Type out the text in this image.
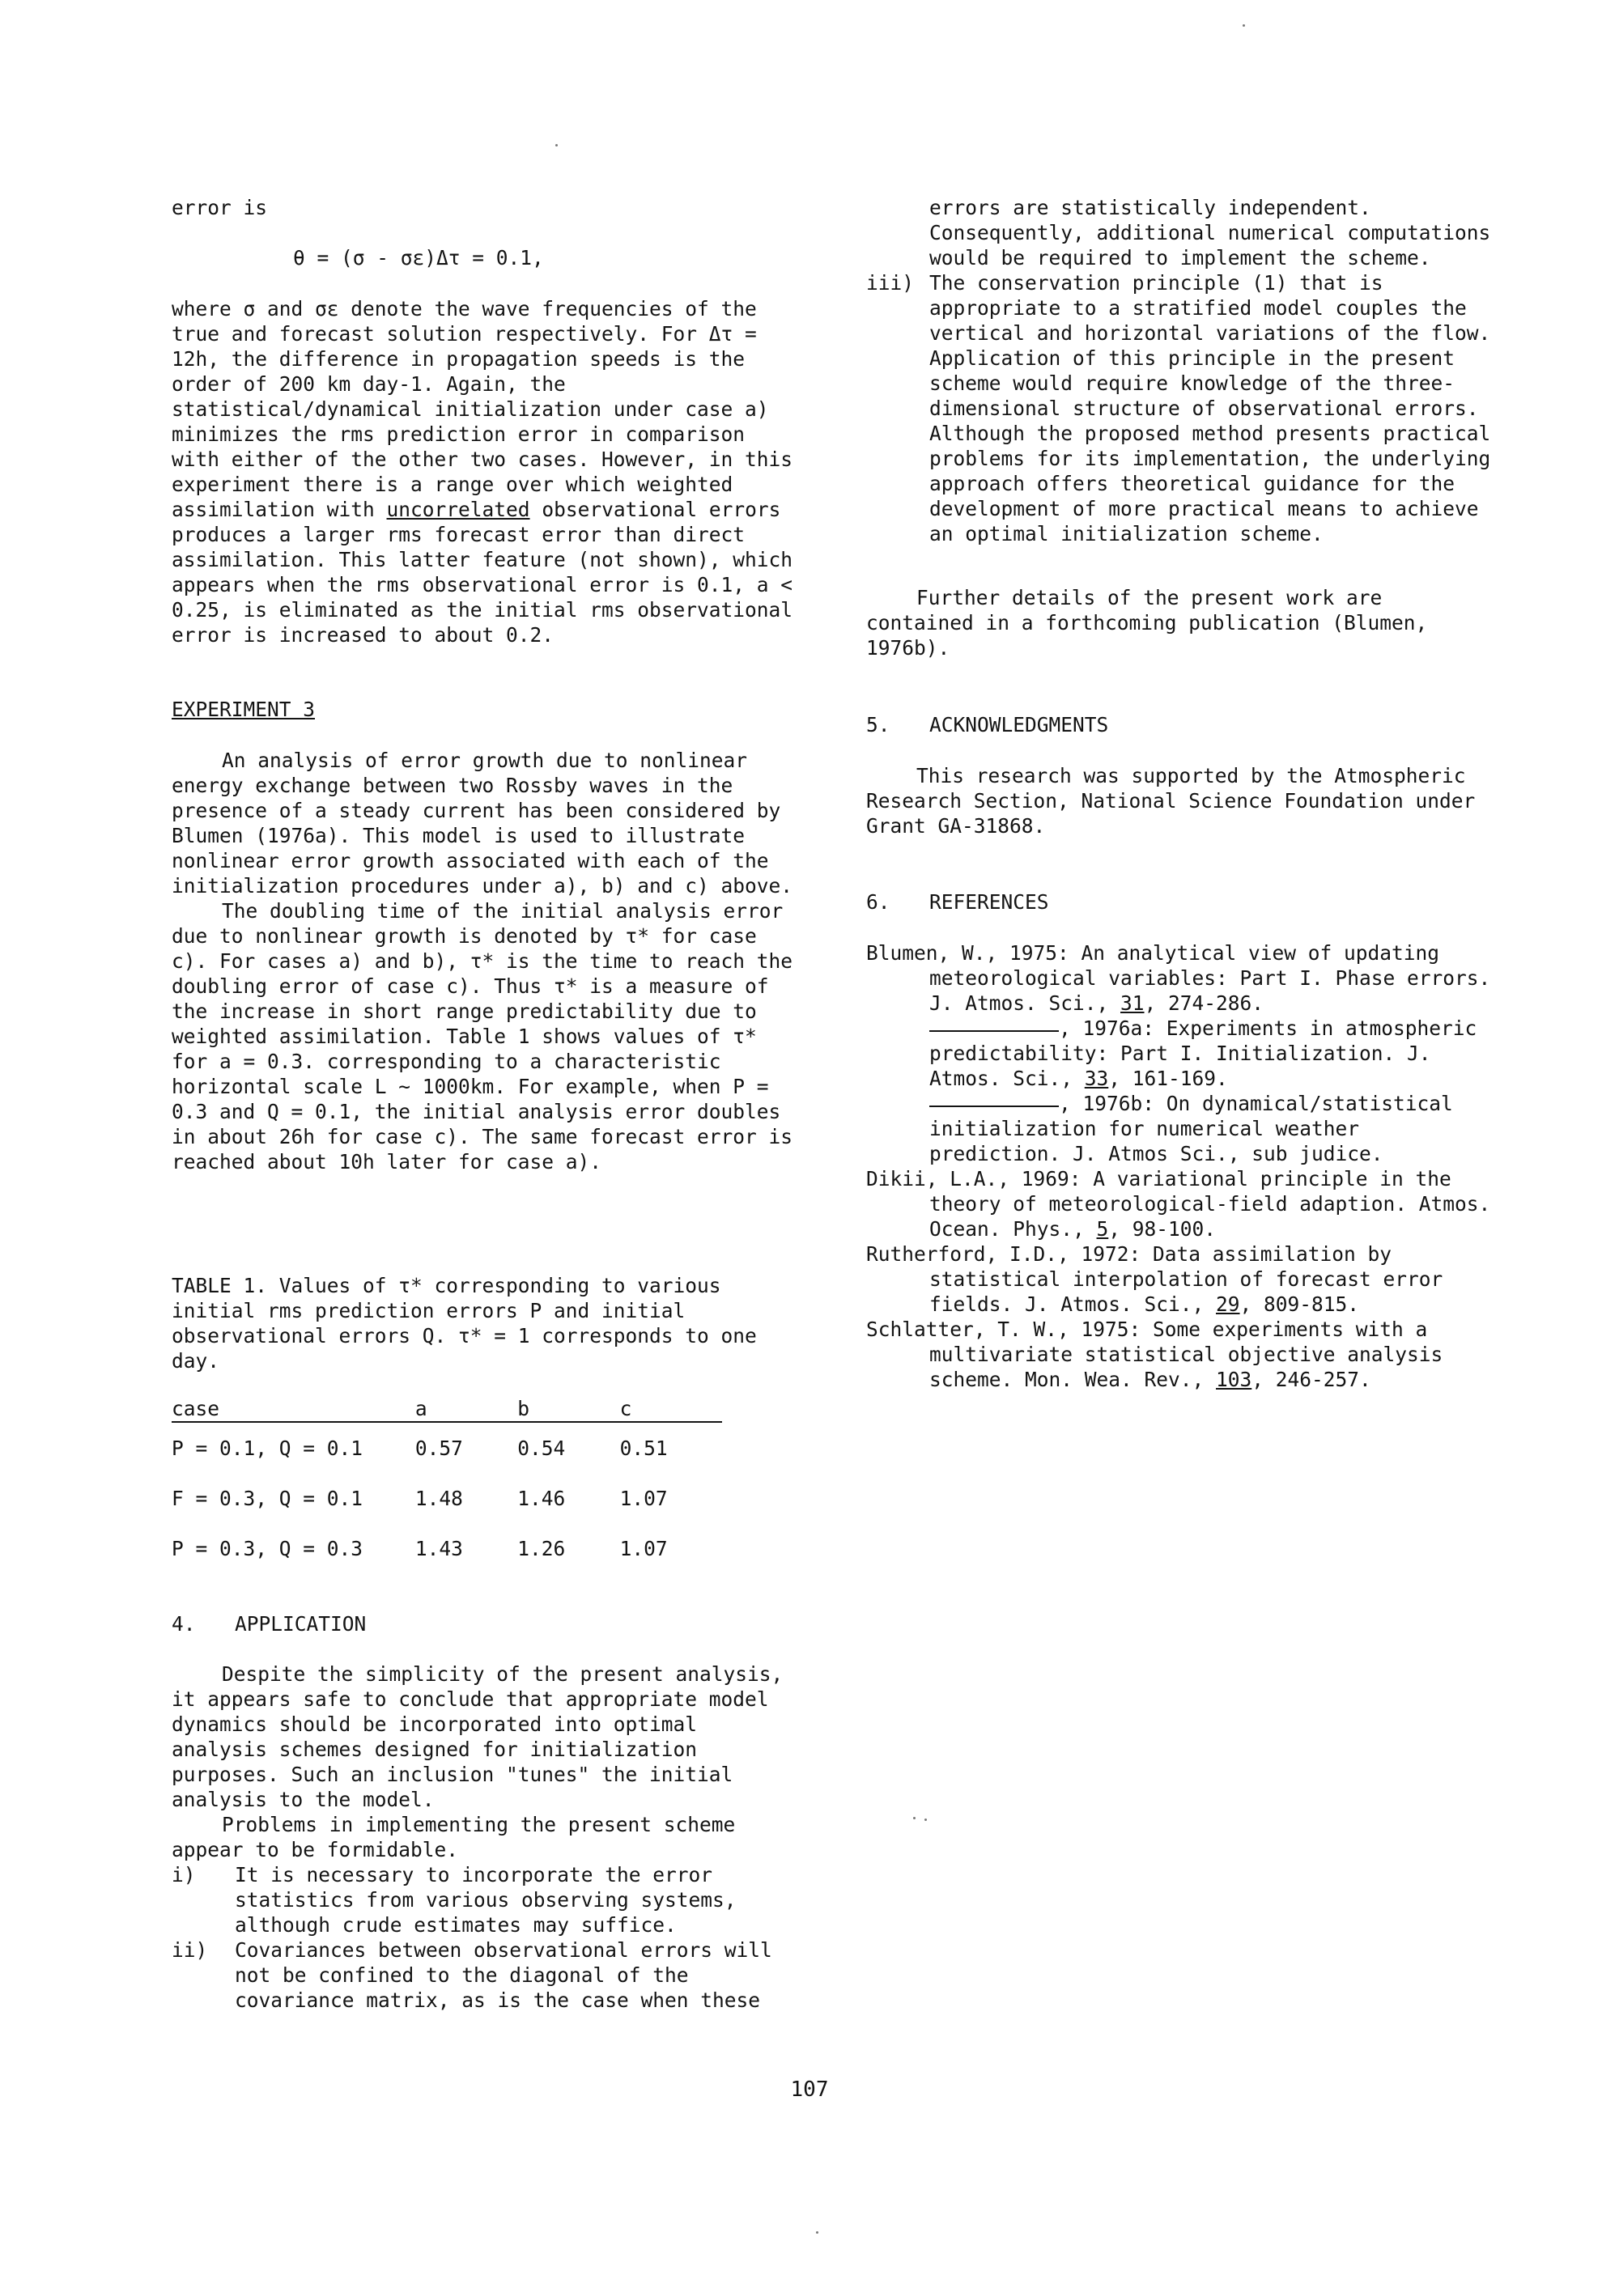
error is

θ = (σ - σε)Δτ = 0.1,

where σ and σε denote the wave frequencies of the true and forecast solution respectively. For Δτ = 12h, the difference in propagation speeds is the order of 200 km day-1. Again, the statistical/dynamical initialization under case a) minimizes the rms prediction error in comparison with either of the other two cases. However, in this experiment there is a range over which weighted assimilation with uncorrelated observational errors produces a larger rms forecast error than direct assimilation. This latter feature (not shown), which appears when the rms observational error is 0.1, a < 0.25, is eliminated as the initial rms observational error is increased to about 0.2.

EXPERIMENT 3

An analysis of error growth due to nonlinear energy exchange between two Rossby waves in the presence of a steady current has been considered by Blumen (1976a). This model is used to illustrate nonlinear error growth associated with each of the initialization procedures under a), b) and c) above.

The doubling time of the initial analysis error due to nonlinear growth is denoted by τ* for case c). For cases a) and b), τ* is the time to reach the doubling error of case c). Thus τ* is a measure of the increase in short range predictability due to weighted assimilation. Table 1 shows values of τ* for a = 0.3. corresponding to a characteristic horizontal scale L ~ 1000km. For example, when P = 0.3 and Q = 0.1, the initial analysis error doubles in about 26h for case c). The same forecast error is reached about 10h later for case a).

TABLE 1. Values of τ* corresponding to various initial rms prediction errors P and initial observational errors Q. τ* = 1 corresponds to one day.

case	a	b	c
P = 0.1, Q = 0.1	0.57	0.54	0.51
F = 0.3, Q = 0.1	1.48	1.46	1.07
P = 0.3, Q = 0.3	1.43	1.26	1.07
4.	APPLICATION

Despite the simplicity of the present analysis, it appears safe to conclude that appropriate model dynamics should be incorporated into optimal analysis schemes designed for initialization purposes. Such an inclusion "tunes" the initial analysis to the model.

Problems in implementing the present scheme appear to be formidable.

i)	It is necessary to incorporate the error statistics from various observing systems, although crude estimates may suffice.
ii)	Covariances between observational errors will not be confined to the diagonal of the covariance matrix, as is the case when these

errors are statistically independent. Consequently, additional numerical computations would be required to implement the scheme.

iii) The conservation principle (1) that is appropriate to a stratified model couples the vertical and horizontal variations of the flow. Application of this principle in the present scheme would require knowledge of the three-dimensional structure of observational errors. Although the proposed method presents practical problems for its implementation, the underlying approach offers theoretical guidance for the development of more practical means to achieve an optimal initialization scheme.

Further details of the present work are contained in a forthcoming publication (Blumen, 1976b).

5.	ACKNOWLEDGMENTS

This research was supported by the Atmospheric Research Section, National Science Foundation under Grant GA-31868.

6.	REFERENCES

Blumen, W., 1975: An analytical view of updating meteorological variables: Part I. Phase errors. J. Atmos. Sci., 31, 274-286.

, 1976a: Experiments in atmospheric predictability: Part I. Initialization. J. Atmos. Sci., 33, 161-169.

, 1976b: On dynamical/statistical initialization for numerical weather prediction. J. Atmos Sci., sub judice.

Dikii, L.A., 1969: A variational principle in the theory of meteorological-field adaption. Atmos. Ocean. Phys., 5, 98-100.

Rutherford, I.D., 1972: Data assimilation by statistical interpolation of forecast error fields. J. Atmos. Sci., 29, 809-815.

Schlatter, T. W., 1975: Some experiments with a multivariate statistical objective analysis scheme. Mon. Wea. Rev., 103, 246-257.

107
